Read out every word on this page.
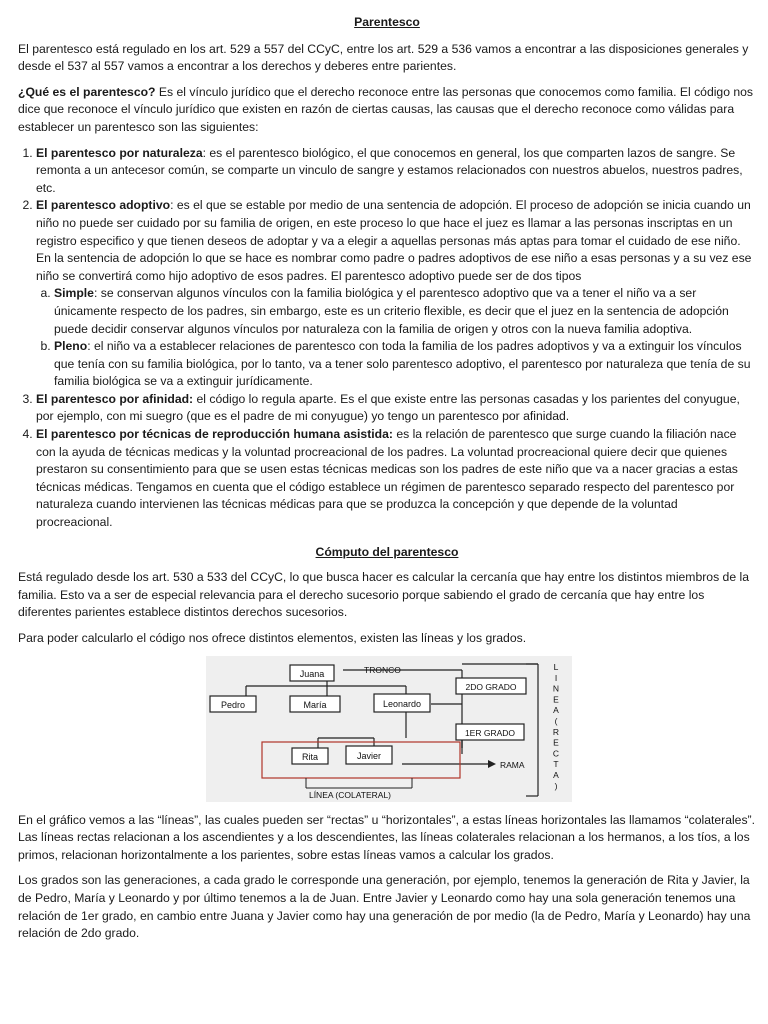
Parentesco

El parentesco está regulado en los art. 529 a 557 del CCyC, entre los art. 529 a 536 vamos a encontrar a las disposiciones generales y desde el 537 al 557 vamos a encontrar a los derechos y deberes entre parientes.

¿Qué es el parentesco? Es el vínculo jurídico que el derecho reconoce entre las personas que conocemos como familia. El código nos dice que reconoce el vínculo jurídico que existen en razón de ciertas causas, las causas que el derecho reconoce como válidas para establecer un parentesco son las siguientes:

1. El parentesco por naturaleza: es el parentesco biológico, el que conocemos en general, los que comparten lazos de sangre. Se remonta a un antecesor común, se comparte un vinculo de sangre y estamos relacionados con nuestros abuelos, nuestros padres, etc.
2. El parentesco adoptivo: es el que se estable por medio de una sentencia de adopción. El proceso de adopción se inicia cuando un niño no puede ser cuidado por su familia de origen, en este proceso lo que hace el juez es llamar a las personas inscriptas en un registro especifico y que tienen deseos de adoptar y va a elegir a aquellas personas más aptas para tomar el cuidado de ese niño. En la sentencia de adopción lo que se hace es nombrar como padre o padres adoptivos de ese niño a esas personas y a su vez ese niño se convertirá como hijo adoptivo de esos padres. El parentesco adoptivo puede ser de dos tipos
a. Simple: se conservan algunos vínculos con la familia biológica y el parentesco adoptivo que va a tener el niño va a ser únicamente respecto de los padres, sin embargo, este es un criterio flexible, es decir que el juez en la sentencia de adopción puede decidir conservar algunos vínculos por naturaleza con la familia de origen y otros con la nueva familia adoptiva.
b. Pleno: el niño va a establecer relaciones de parentesco con toda la familia de los padres adoptivos y va a extinguir los vínculos que tenía con su familia biológica, por lo tanto, va a tener solo parentesco adoptivo, el parentesco por naturaleza que tenía de su familia biológica se va a extinguir jurídicamente.
3. El parentesco por afinidad: el código lo regula aparte. Es el que existe entre las personas casadas y los parientes del conyugue, por ejemplo, con mi suegro (que es el padre de mi conyugue) yo tengo un parentesco por afinidad.
4. El parentesco por técnicas de reproducción humana asistida: es la relación de parentesco que surge cuando la filiación nace con la ayuda de técnicas medicas y la voluntad procreacional de los padres. La voluntad procreacional quiere decir que quienes prestaron su consentimiento para que se usen estas técnicas medicas son los padres de este niño que va a nacer gracias a estas técnicas médicas. Tengamos en cuenta que el código establece un régimen de parentesco separado respecto del parentesco por naturaleza cuando intervienen las técnicas médicas para que se produzca la concepción y que depende de la voluntad procreacional.
Cómputo del parentesco

Está regulado desde los art. 530 a 533 del CCyC, lo que busca hacer es calcular la cercanía que hay entre los distintos miembros de la familia. Esto va a ser de especial relevancia para el derecho sucesorio porque sabiendo el grado de cercanía que hay entre los diferentes parientes establece distintos derechos sucesorios.

Para poder calcularlo el código nos ofrece distintos elementos, existen las líneas y los grados.

Juana	TRONCO
Pedro	María	Leonardo
2DO GRADO
1ER GRADO
Rita	Javier
RAMA
LÍNEA (COLATERAL)
L
I
N
E
A
(
R
E
C
T
A
)

En el gráfico vemos a las “líneas”, las cuales pueden ser “rectas” u “horizontales”, a estas líneas horizontales las llamamos “colaterales”. Las líneas rectas relacionan a los ascendientes y a los descendientes, las líneas colaterales relacionan a los hermanos, a los tíos, a los primos, relacionan horizontalmente a los parientes, sobre estas líneas vamos a calcular los grados.

Los grados son las generaciones, a cada grado le corresponde una generación, por ejemplo, tenemos la generación de Rita y Javier, la de Pedro, María y Leonardo y por último tenemos a la de Juan. Entre Javier y Leonardo como hay una sola generación tenemos una relación de 1er grado, en cambio entre Juana y Javier como hay una generación de por medio (la de Pedro, María y Leonardo) hay una relación de 2do grado.
